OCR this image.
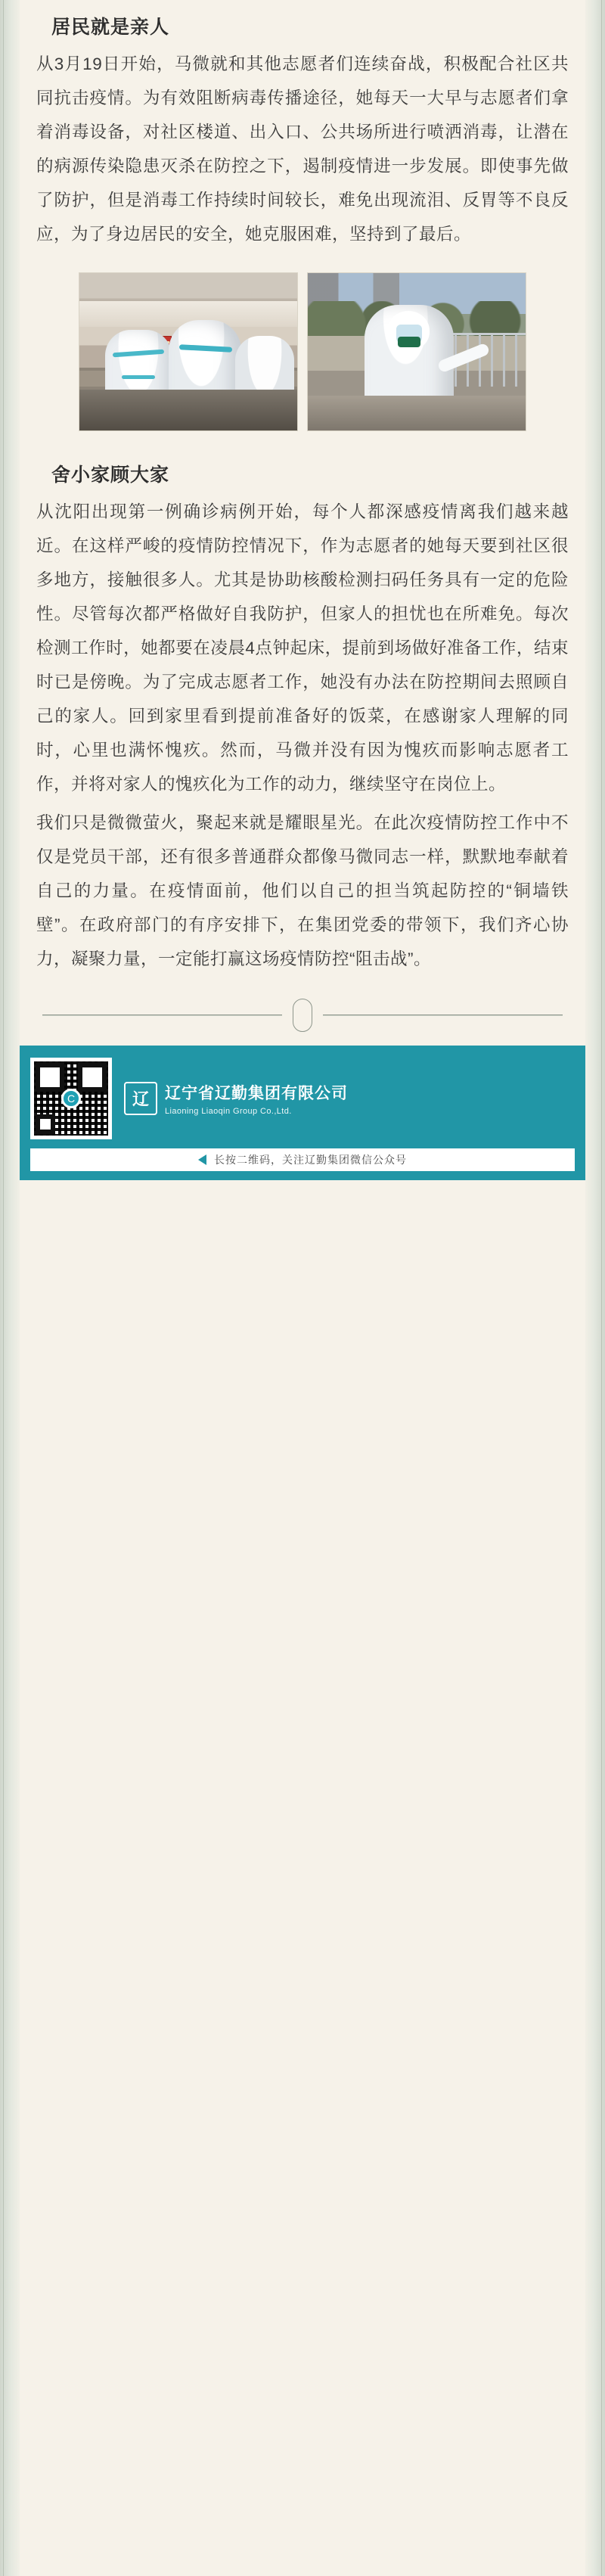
居民就是亲人

从3月19日开始，马微就和其他志愿者们连续奋战，积极配合社区共同抗击疫情。为有效阻断病毒传播途径，她每天一大早与志愿者们拿着消毒设备，对社区楼道、出入口、公共场所进行喷洒消毒，让潜在的病源传染隐患灭杀在防控之下，遏制疫情进一步发展。即使事先做了防护，但是消毒工作持续时间较长，难免出现流泪、反胃等不良反应，为了身边居民的安全，她克服困难，坚持到了最后。

舍小家顾大家

从沈阳出现第一例确诊病例开始，每个人都深感疫情离我们越来越近。在这样严峻的疫情防控情况下，作为志愿者的她每天要到社区很多地方，接触很多人。尤其是协助核酸检测扫码任务具有一定的危险性。尽管每次都严格做好自我防护，但家人的担忧也在所难免。每次检测工作时，她都要在凌晨4点钟起床，提前到场做好准备工作，结束时已是傍晚。为了完成志愿者工作，她没有办法在防控期间去照顾自己的家人。回到家里看到提前准备好的饭菜，在感谢家人理解的同时，心里也满怀愧疚。然而，马微并没有因为愧疚而影响志愿者工作，并将对家人的愧疚化为工作的动力，继续坚守在岗位上。

我们只是微微萤火，聚起来就是耀眼星光。在此次疫情防控工作中不仅是党员干部，还有很多普通群众都像马微同志一样，默默地奉献着自己的力量。在疫情面前，他们以自己的担当筑起防控的“铜墙铁壁”。在政府部门的有序安排下，在集团党委的带领下，我们齐心协力，凝聚力量，一定能打赢这场疫情防控“阻击战”。

C	辽 辽宁省辽勤集团有限公司
Liaoning Liaoqin Group Co.,Ltd.
长按二维码，关注辽勤集团微信公众号
